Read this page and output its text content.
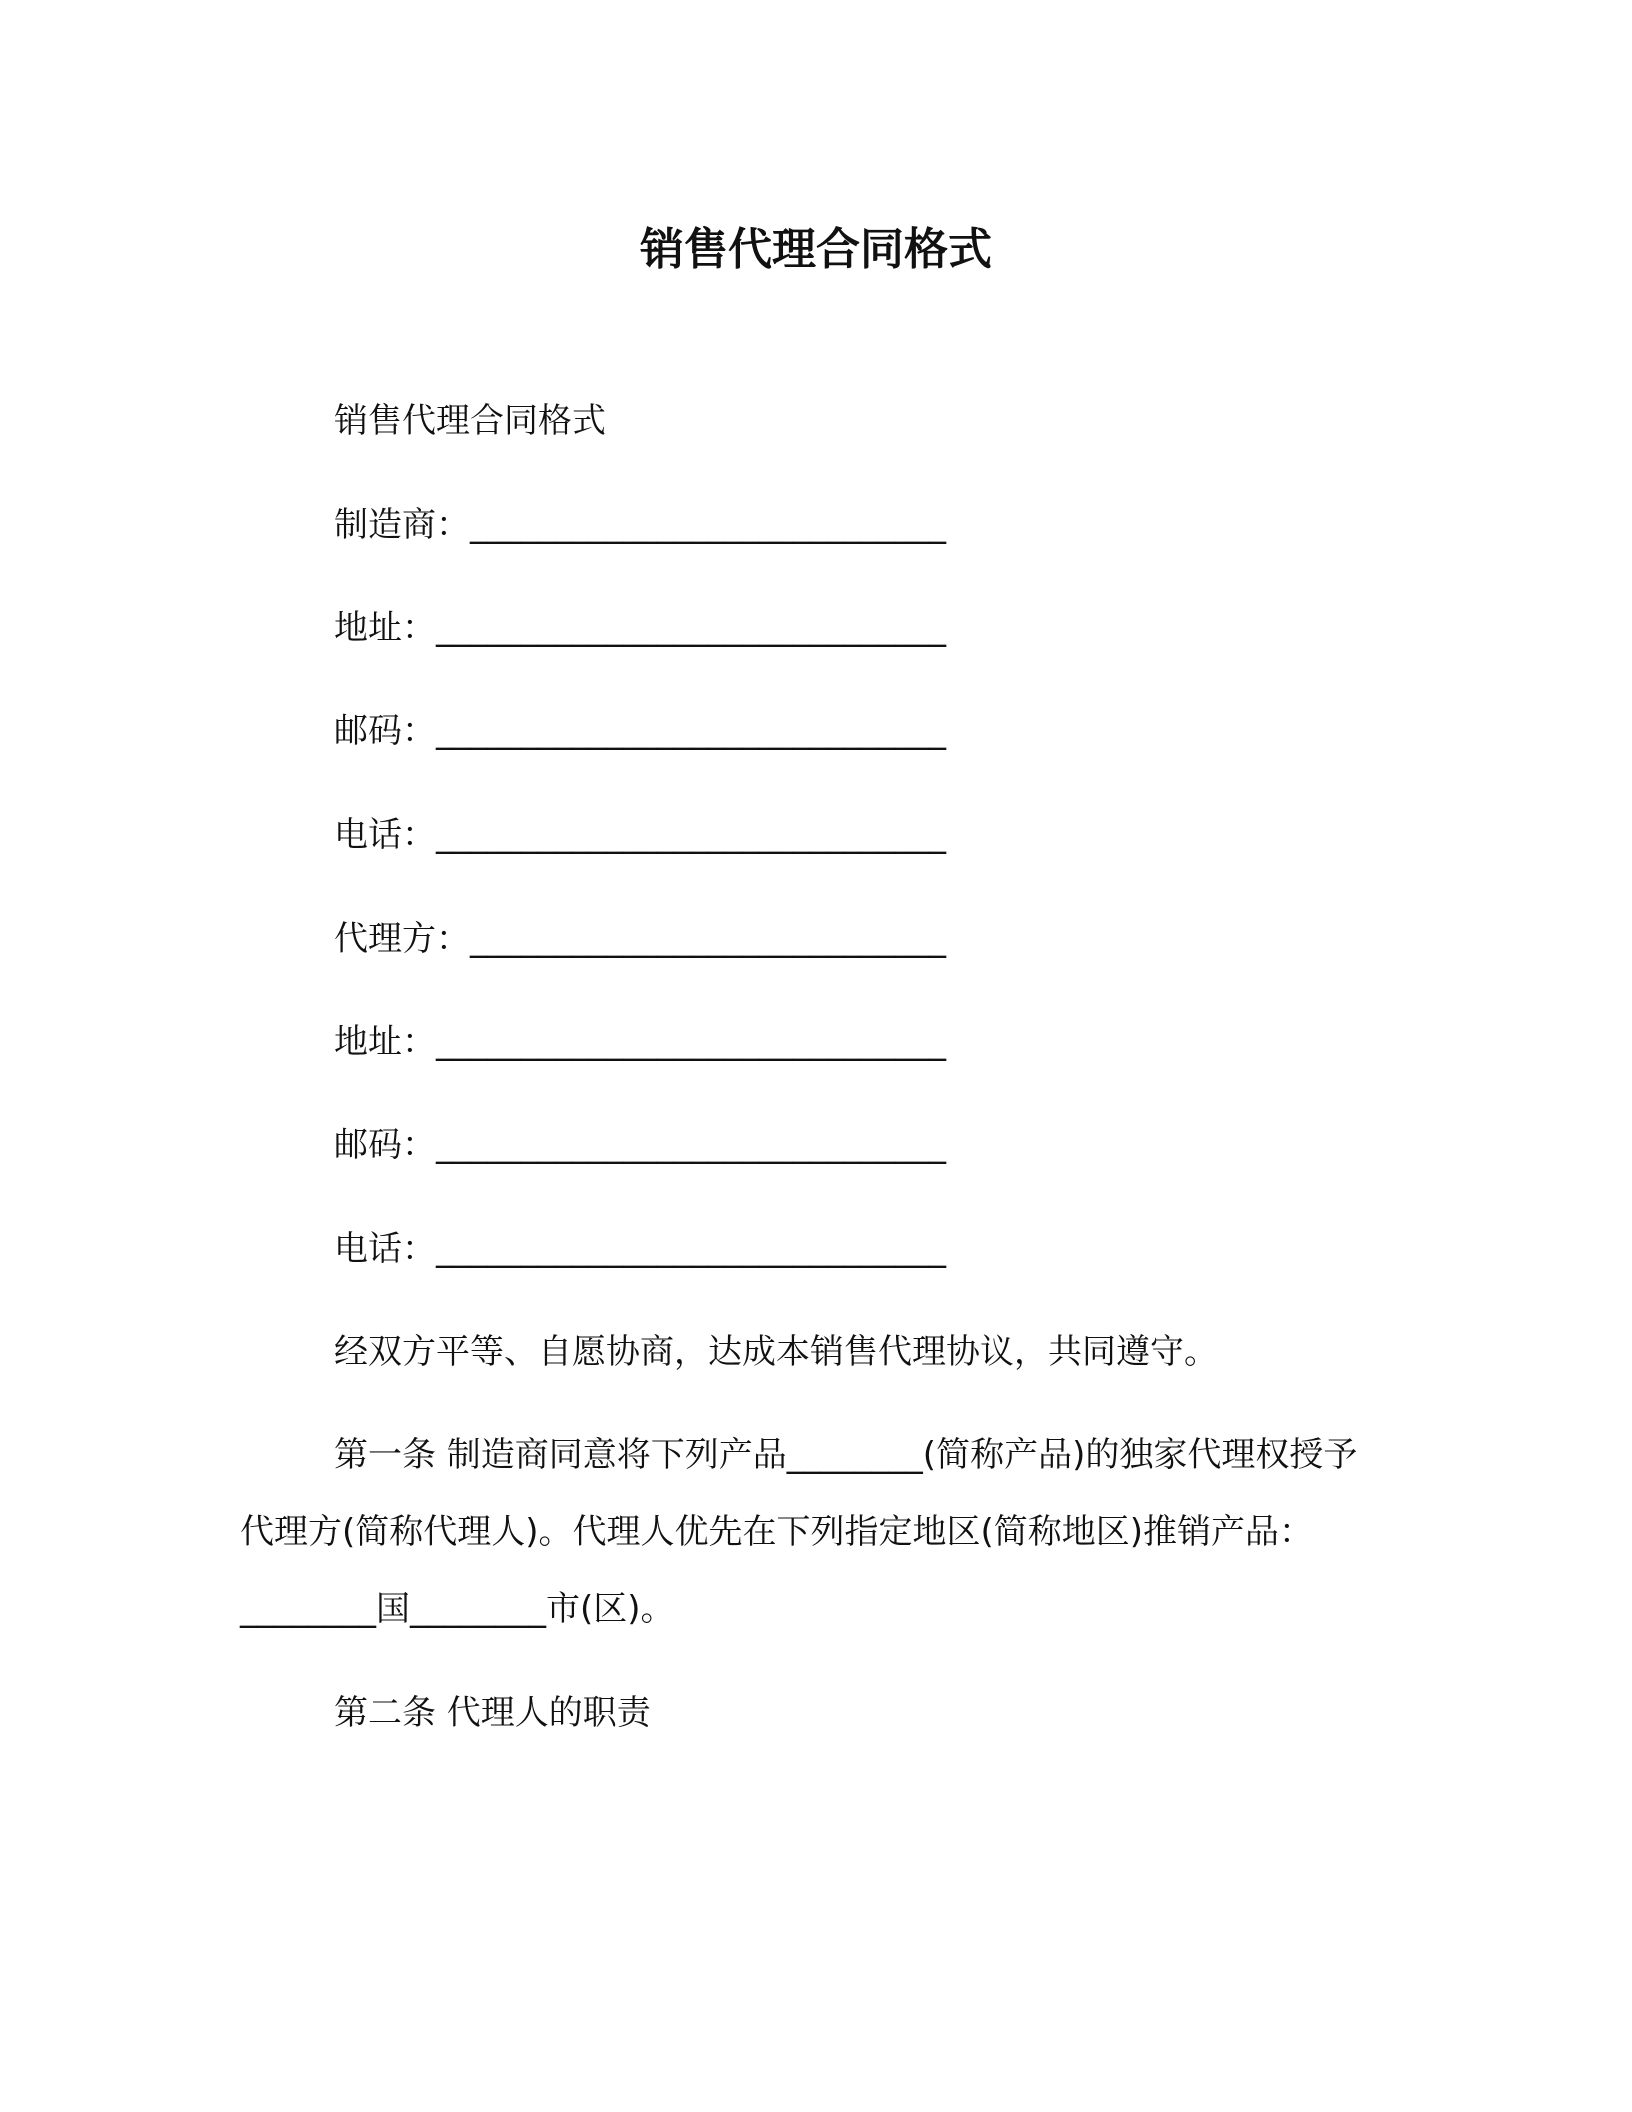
销售代理合同格式
销售代理合同格式
制造商：____________________________
地址：______________________________
邮码：______________________________
电话：______________________________
代理方：____________________________
地址：______________________________
邮码：______________________________
电话：______________________________
经双方平等、自愿协商，达成本销售代理协议，共同遵守。
第一条 制造商同意将下列产品________(简称产品)的独家代理权授予代理方(简称代理人)。代理人优先在下列指定地区(简称地区)推销产品：________国________市(区)。
第二条 代理人的职责
